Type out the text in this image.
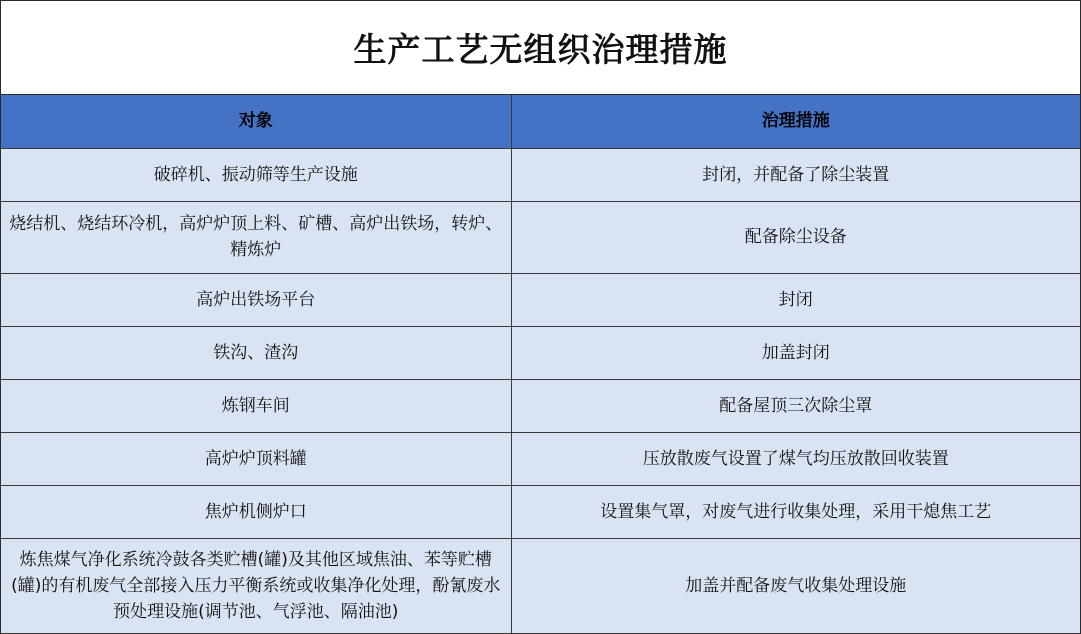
生产工艺无组织治理措施
对象	治理措施
破碎机、振动筛等生产设施	封闭，并配备了除尘装置
烧结机、烧结环冷机，高炉炉顶上料、矿槽、高炉出铁场，转炉、精炼炉	配备除尘设备
高炉出铁场平台	封闭
铁沟、渣沟	加盖封闭
炼钢车间	配备屋顶三次除尘罩
高炉炉顶料罐	压放散废气设置了煤气均压放散回收装置
焦炉机侧炉口	设置集气罩，对废气进行收集处理，采用干熄焦工艺
炼焦煤气净化系统冷鼓各类贮槽(罐)及其他区域焦油、苯等贮槽(罐)的有机废气全部接入压力平衡系统或收集净化处理，酚氰废水预处理设施(调节池、气浮池、隔油池)	加盖并配备废气收集处理设施
